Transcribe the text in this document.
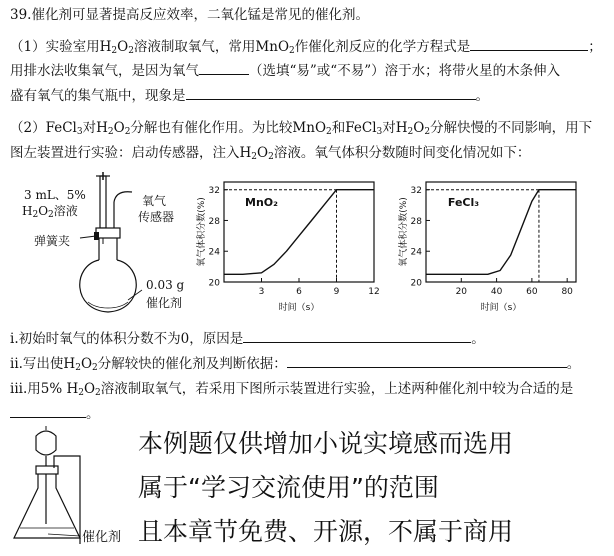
39.催化剂可显著提高反应效率，二氧化锰是常见的催化剂。
（1）实验室用$H_2O_2$溶液制取氧气，常用MnO$_2$作催化剂反应的化学方程式是	；
用排水法收集氧气，是因为氧气	（选填“易”或“不易”）溶于水；将带火星的木条伸入
盛有氧气的集气瓶中，现象是	。
（2）FeCl$_3$对$H_2O_2$分解也有催化作用。为比较MnO$_2$和FeCl$_3$对$H_2O_2$分解快慢的不同影响，用下
图左装置进行实验：启动传感器，注入$H_2O_2$溶液。氧气体积分数随时间变化情况如下：
3 mL、5%
$H_2O_2$溶液
氧气
传感器
弹簧夹
0.03 g
催化剂
20
24
28
32
3	6	9	12
MnO₂
时间（s）
氧气体积分数(%)
20
24
28
32
20	40	60	80
FeCl₃
时间（s）
氧气体积分数(%)
i.初始时氧气的体积分数不为0，原因是	。
ii.写出使$H_2O_2$分解较快的催化剂及判断依据：	。
iii.用5% $H_2O_2$溶液制取氧气，若采用下图所示装置进行实验，上述两种催化剂中较为合适的是
。
催化剂
本例题仅供增加小说实境感而选用
属于“学习交流使用”的范围
且本章节免费、开源，不属于商用
